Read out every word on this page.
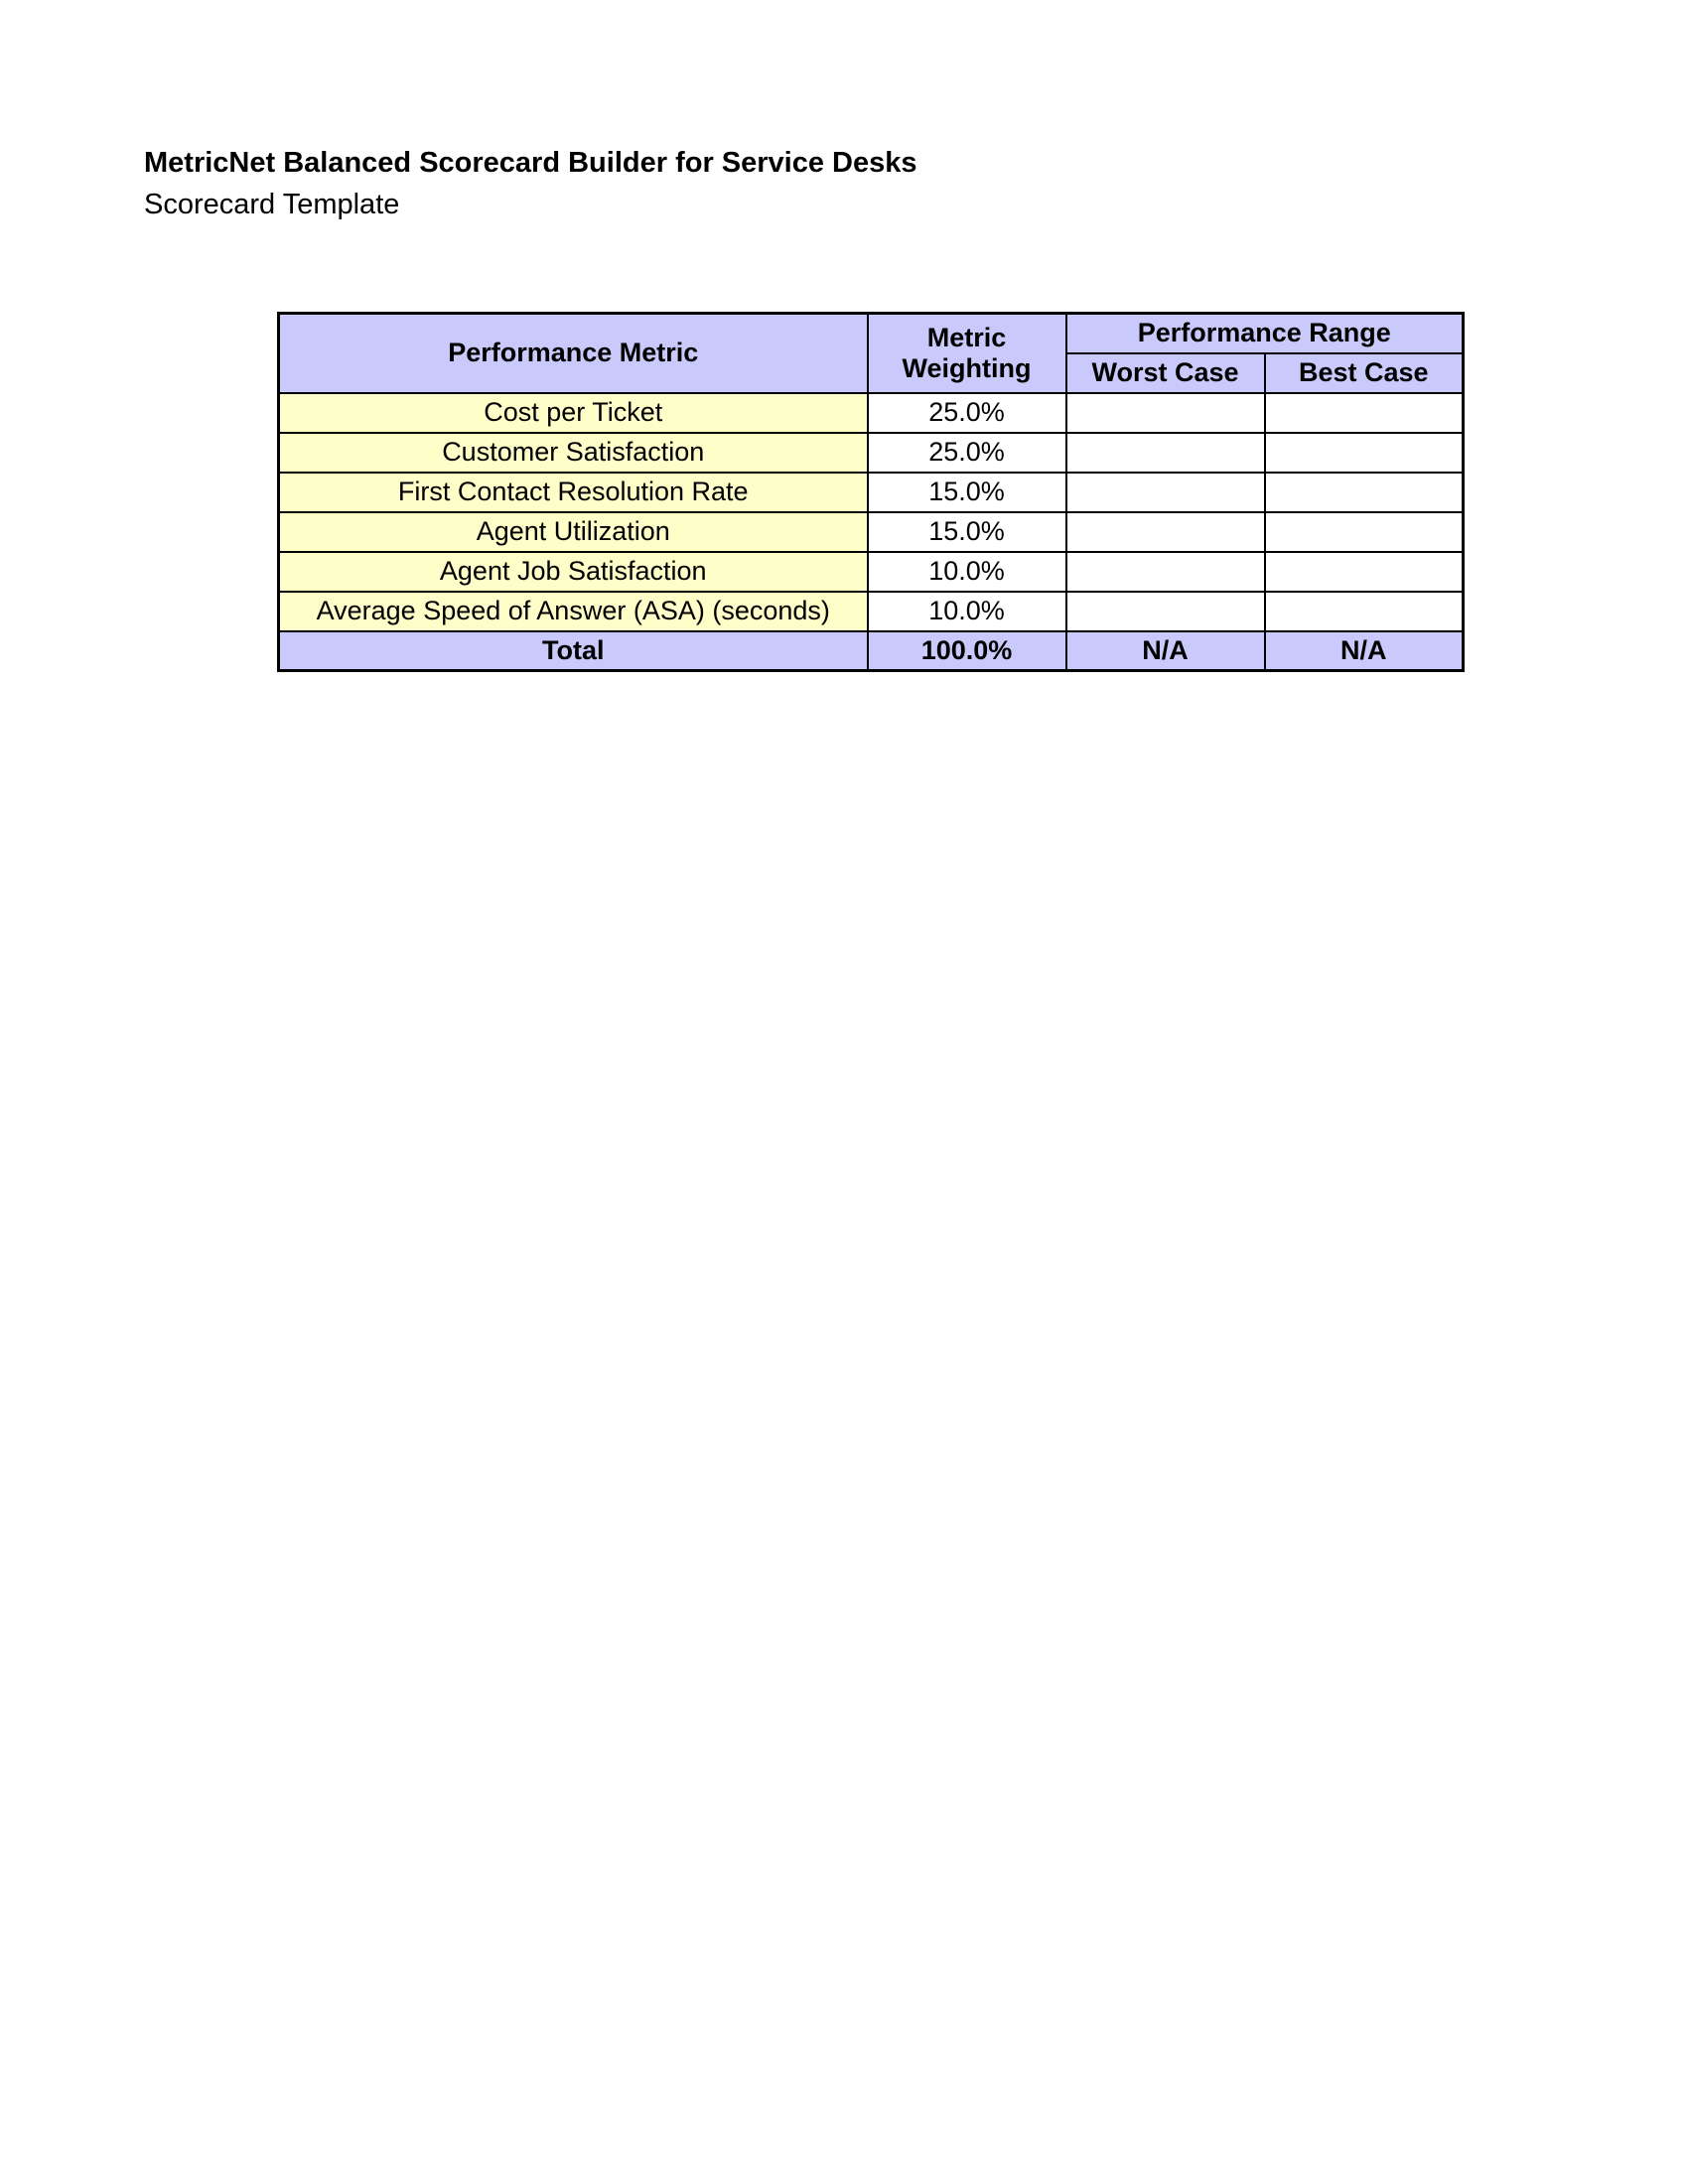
MetricNet Balanced Scorecard Builder for Service Desks
Scorecard Template
Performance Metric	Metric Weighting	Performance Range	
		Worst Case	Best Case
Cost per Ticket	25.0%		
Customer Satisfaction	25.0%		
First Contact Resolution Rate	15.0%		
Agent Utilization	15.0%		
Agent Job Satisfaction	10.0%		
Average Speed of Answer (ASA) (seconds)	10.0%		
Total	100.0%	N/A	N/A
